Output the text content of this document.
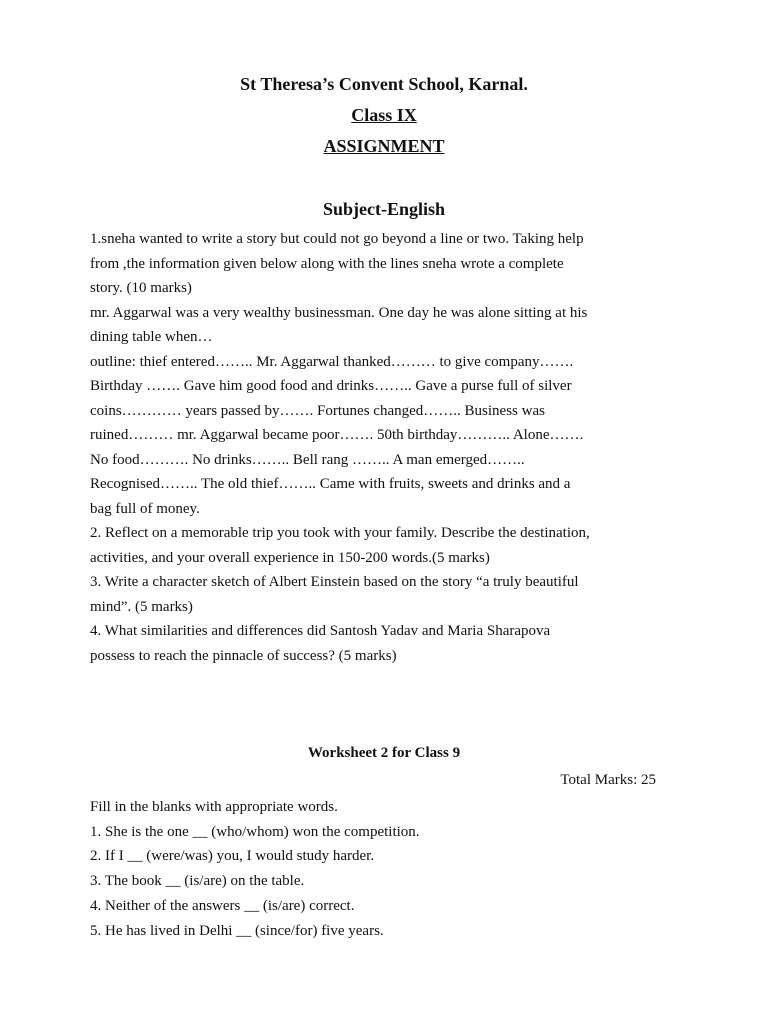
St Theresa’s Convent School, Karnal.
Class IX
ASSIGNMENT
Subject-English

1.sneha wanted to write a story but could not go beyond a line or two. Taking help

from ,the information given below along with the lines sneha wrote a complete

story. (10 marks)

mr. Aggarwal was a very wealthy businessman. One day he was alone sitting at his

dining table when…

outline: thief entered…….. Mr. Aggarwal thanked……… to give company…….

Birthday ……. Gave him good food and drinks…….. Gave a purse full of silver

coins………… years passed by……. Fortunes changed…….. Business was

ruined……… mr. Aggarwal became poor……. 50th birthday……….. Alone…….

No food………. No drinks…….. Bell rang …….. A man emerged……..

Recognised…….. The old thief…….. Came with fruits, sweets and drinks and a

bag full of money.

2. Reflect on a memorable trip you took with your family. Describe the destination,

activities, and your overall experience in 150-200 words.(5 marks)

3. Write a character sketch of Albert Einstein based on the story “a truly beautiful

mind”. (5 marks)

4. What similarities and differences did Santosh Yadav and Maria Sharapova

possess to reach the pinnacle of success? (5 marks)

Worksheet 2 for Class 9
Total Marks: 25

Fill in the blanks with appropriate words.

1. She is the one __ (who/whom) won the competition.

2. If I __ (were/was) you, I would study harder.

3. The book __ (is/are) on the table.

4. Neither of the answers __ (is/are) correct.

5. He has lived in Delhi __ (since/for) five years.
